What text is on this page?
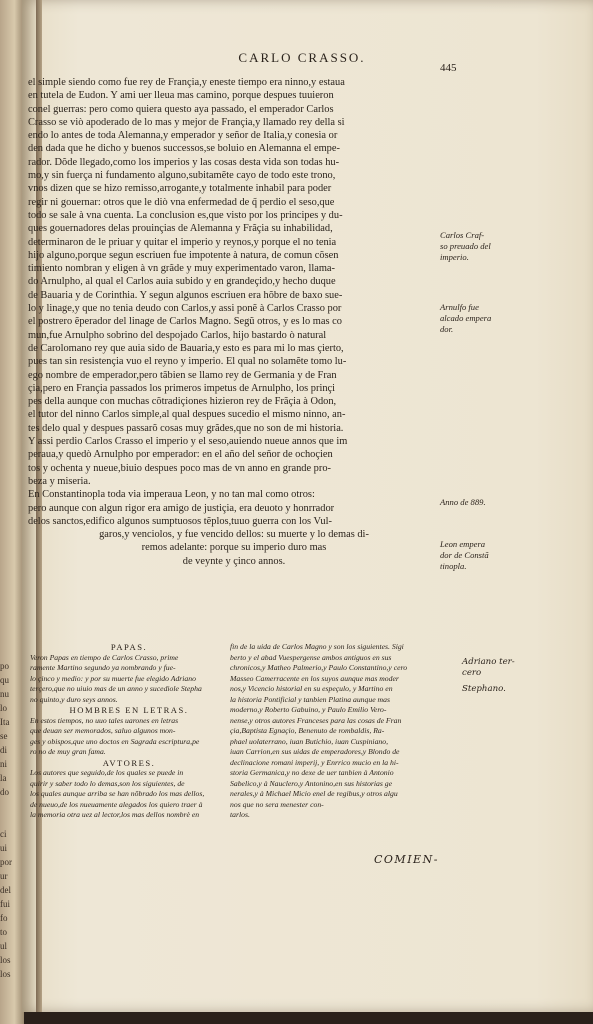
po
qu
nu
lo
Ita
se
di
ni
la
do
ci
ui
por
ur
del
fui
fo
to
ul
los
los
CARLO CRASSO.
445
el simple siendo como fue rey de Françia,y eneste tiempo era ninno,y estaua
en tutela de Eudon. Y ami uer lleua mas camino, porque despues tuuieron
conel guerras: pero como quiera questo aya passado, el emperador Carlos
Crasso se viò apoderado de lo mas y mejor de Françia,y llamado rey della si
endo lo antes de toda Alemanna,y emperador y señor de Italia,y conesia or
den dada que he dicho y buenos successos,se boluio en Alemanna el empe-
rador. Dõde llegado,como los imperios y las cosas desta vida son todas hu-
mo,y sin fuerça ni fundamento alguno,subitamẽte cayo de todo este trono,
vnos dizen que se hizo remisso,arrogante,y totalmente inhabil para poder
regir ni gouernar: otros que le diò vna enfermedad de q̃ perdio el seso,que
todo se sale à vna cuenta. La conclusion es,que visto por los principes y du-
ques gouernadores delas prouinçias de Alemanna y Frãçia su inhabilidad,
determinaron de le priuar y quitar el imperio y reynos,y porque el no tenia
hijo alguno,porque segun escriuen fue impotente à natura, de comun cõsen
timiento nombran y eligen à vn grãde y muy experimentado varon, llama-
do Arnulpho, al qual el Carlos auia subido y en grandeçido,y hecho duque
de Bauaria y de Corinthia. Y segun algunos escriuen era hõbre de baxo sue-
lo y linage,y que no tenia deudo con Carlos,y assi ponẽ à Carlos Crasso por
el postrero ẽperador del linage de Carlos Magno. Segũ otros, y es lo mas co
mun,fue Arnulpho sobrino del despojado Carlos, hijo bastardo ò natural
de Carolomano rey que auia sido de Bauaria,y esto es para mi lo mas çierto,
pues tan sin resistençia vuo el reyno y imperio. El qual no solamẽte tomo lu-
ego nombre de emperador,pero tãbien se llamo rey de Germania y de Fran
çia,pero en Françia passados los primeros impetus de Arnulpho, los prinçi
pes della aunque con muchas cõtradiçiones hizieron rey de Frãçia à Odon,
el tutor del ninno Carlos simple,al qual despues sucedio el mismo ninno, an-
tes delo qual y despues passarõ cosas muy grãdes,que no son de mi historia.
Y assi perdio Carlos Crasso el imperio y el seso,auiendo nueue annos que im
peraua,y quedò Arnulpho por emperador: en el año del señor de ochoçien
tos y ochenta y nueue,biuio despues poco mas de vn anno en grande pro-
beza y miseria.
En Constantinopla toda via imperaua Leon, y no tan mal como otros:
pero aunque con algun rigor era amigo de justiçia, era deuoto y honrrador
delos sanctos,edifico algunos sumptuosos tẽplos,tuuo guerra con los Vul-
garos,y venciolos, y fue vencido dellos: su muerte y lo demas di-
remos adelante: porque su imperio duro mas
de veynte y çinco annos.
Carlos Craf-
so preuado del
imperio.
Arnulfo fue
alcado empera
dor.
Anno de 889.
Leon empera
dor de Constã
tinopla.
PAPAS.
Veron Papas en tiempo de Carlos Crasso, prime
ramente Martino segundo ya nombrando y fue-
lo çinco y medio: y por su muerte fue elegido Adriano
terçero,que no uiuio mas de un anno y sucediole Stepha
no quinto,y duro seys annos.
HOMBRES EN LETRAS.
En estos tiempos, no uuo tales uarones en letras
que deuan ser memorados, saluo algunos mon-
ges y obispos,que uno doctos en Sagrada escriptura,pe
ro no de muy gran fama.
AVTORES.
Los autores que seguido,de los quales se puede in
quirir y saber todo lo demas,son los siguientes, de
los quales aunque arriba se han nõbrado los mas dellos,
de nueuo,de los nueuamente alegados los quiero traer à
la memoria otra uez al lector,los mas dellos nombrè en
fin de la uida de Carlos Magno y son los siguientes. Sigi
berto y el abad Vuespergense ambos antiguos en sus
chronicos,y Matheo Palmerio,y Paulo Constantino,y cero
Masseo Camerracente en los suyos aunque mas moder
nos,y Vicencio historial en su espeçulo, y Martino en
la historia Pontificial y tanbien Platina aunque mas
moderno,y Roberto Gabuino, y Paulo Emilio Vero-
nense,y otros autores Franceses para las cosas de Fran
çia,Baptista Egnaçio, Benenuto de rombaldis, Ra-
phael uolaterrano, iuan Butichio, iuan Cuspiniano,
iuan Carrion,en sus uidas de emperadores,y Blondo de
declinacione romani imperij, y Enrrico mucio en la hi-
storia Germanica,y no dexe de uer tanbien à Antonio
Sabelico,y à Nauclero,y Antonino,en sus historias ge
nerales,y à Michael Micio enel de regibus,y otros algu
nos que no sera menester con-
tarlos.
Adriano ter-
cero
Stephano.
COMIEN-
